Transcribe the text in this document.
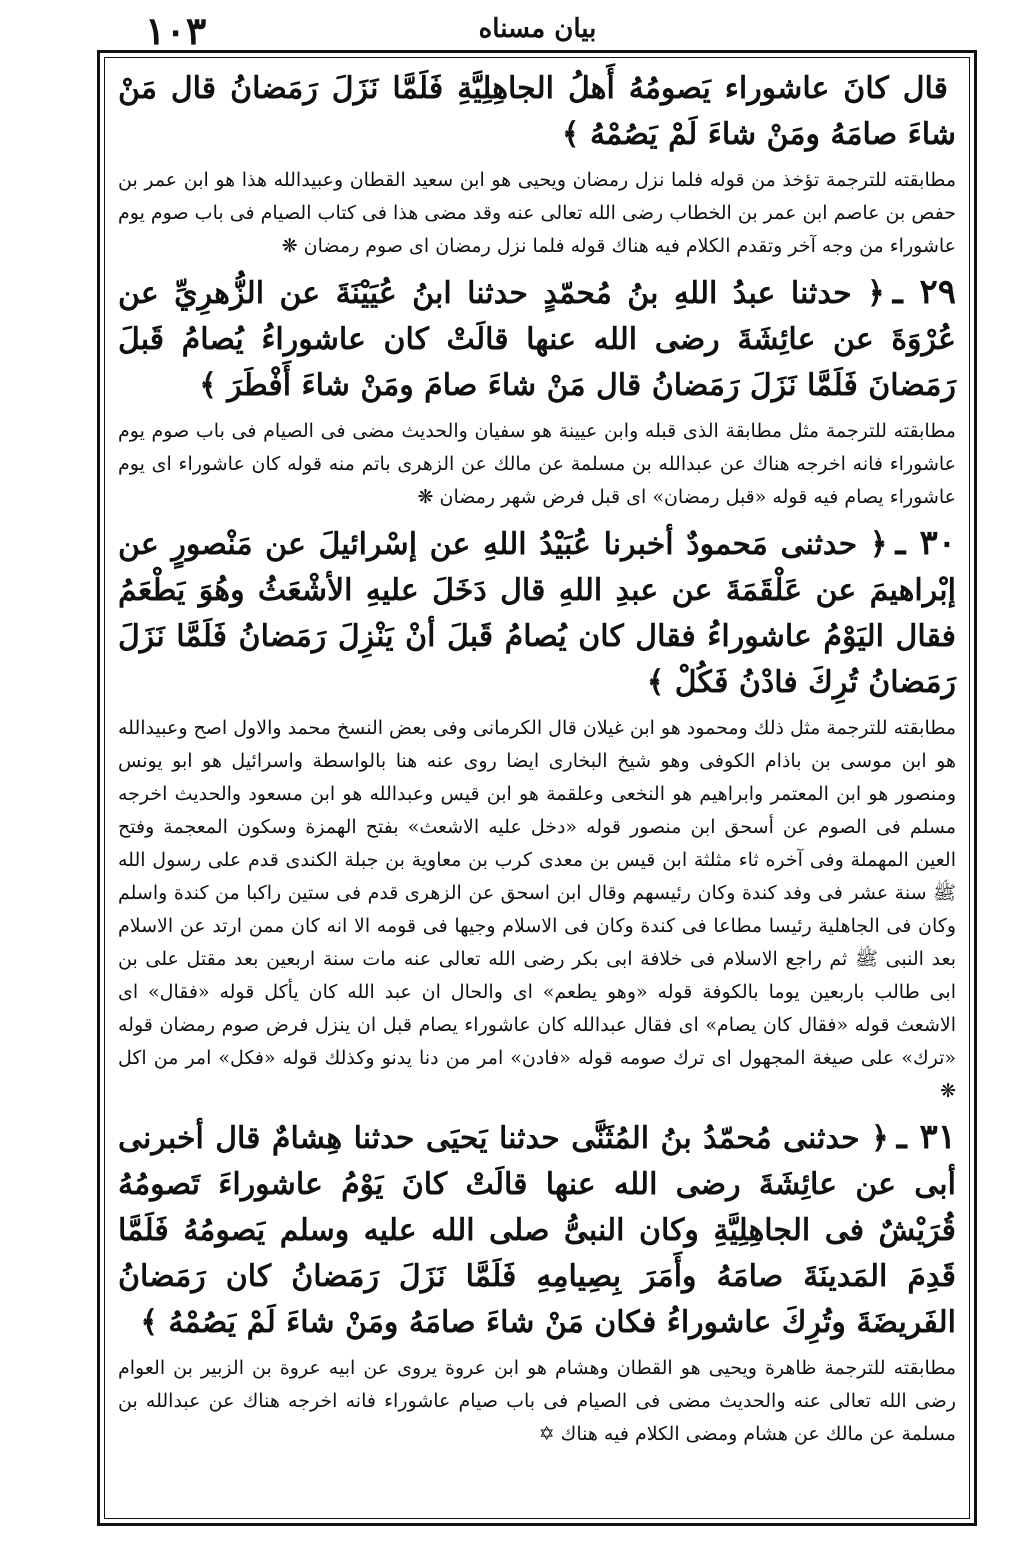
١٠٣	بیان مسناه

قال كانَ عاشوراء يَصومُهُ أَهلُ الجاهِلِيَّةِ فَلَمَّا نَزَلَ رَمَضانُ قال مَنْ شاءَ صامَهُ ومَنْ شاءَ لَمْ يَصُمْهُ ﴾

مطابقته للترجمة تؤخذ من قوله فلما نزل رمضان ويحيى هو ابن سعيد القطان وعبيدالله هذا هو ابن عمر بن حفص بن عاصم ابن عمر بن الخطاب رضى الله تعالى عنه وقد مضى هذا فى كتاب الصيام فى باب صوم يوم عاشوراء من وجه آخر وتقدم الكلام فيه هناك قوله فلما نزل رمضان اى صوم رمضان ❋

٢٩ ـ﴿ حدثنا عبدُ اللهِ بنُ مُحمّدٍ حدثنا ابنُ عُيَيْنَةَ عن الزُّهرِيِّ عن عُرْوَةَ عن عائِشَةَ رضى الله عنها قالَتْ كان عاشوراءُ يُصامُ قَبلَ رَمَضانَ فَلَمَّا نَزَلَ رَمَضانُ قال مَنْ شاءَ صامَ ومَنْ شاءَ أَفْطَرَ ﴾

مطابقته للترجمة مثل مطابقة الذى قبله وابن عيينة هو سفيان والحديث مضى فى الصيام فى باب صوم يوم عاشوراء فانه اخرجه هناك عن عبدالله بن مسلمة عن مالك عن الزهرى باتم منه قوله كان عاشوراء اى يوم عاشوراء يصام فيه قوله «قبل رمضان» اى قبل فرض شهر رمضان ❋

٣٠ ـ﴿ حدثنى مَحمودٌ أخبرنا عُبَيْدُ اللهِ عن إسْرائيلَ عن مَنْصورٍ عن إبْراهيمَ عن عَلْقَمَةَ عن عبدِ اللهِ قال دَخَلَ عليهِ الأشْعَثُ وهُوَ يَطْعَمُ فقال اليَوْمُ عاشوراءُ فقال كان يُصامُ قَبلَ أنْ يَنْزِلَ رَمَضانُ فَلَمَّا نَزَلَ رَمَضانُ تُرِكَ فادْنُ فَكُلْ ﴾

مطابقته للترجمة مثل ذلك ومحمود هو ابن غيلان قال الكرمانى وفى بعض النسخ محمد والاول اصح وعبيدالله هو ابن موسى بن باذام الكوفى وهو شيخ البخارى ايضا روى عنه هنا بالواسطة واسرائيل هو ابو يونس ومنصور هو ابن المعتمر وابراهيم هو النخعى وعلقمة هو ابن قيس وعبدالله هو ابن مسعود والحديث اخرجه مسلم فى الصوم عن أسحق ابن منصور قوله «دخل عليه الاشعث» بفتح الهمزة وسكون المعجمة وفتح العين المهملة وفى آخره ثاء مثلثة ابن قيس بن معدى كرب بن معاوية بن جبلة الكندى قدم على رسول الله ﷺ سنة عشر فى وفد كندة وكان رئيسهم وقال ابن اسحق عن الزهرى قدم فى ستين راكبا من كندة واسلم وكان فى الجاهلية رئيسا مطاعا فى كندة وكان فى الاسلام وجيها فى قومه الا انه كان ممن ارتد عن الاسلام بعد النبى ﷺ ثم راجع الاسلام فى خلافة ابى بكر رضى الله تعالى عنه مات سنة اربعين بعد مقتل على بن ابى طالب باربعين يوما بالكوفة قوله «وهو يطعم» اى والحال ان عبد الله كان يأكل قوله «فقال» اى الاشعث قوله «فقال كان يصام» اى فقال عبدالله كان عاشوراء يصام قبل ان ينزل فرض صوم رمضان قوله «ترك» على صيغة المجهول اى ترك صومه قوله «فادن» امر من دنا يدنو وكذلك قوله «فكل» امر من اكل ❋

٣١ ـ﴿ حدثنى مُحمّدُ بنُ المُثَنَّى حدثنا يَحيَى حدثنا هِشامٌ قال أخبرنى أبى عن عائِشَةَ رضى الله عنها قالَتْ كانَ يَوْمُ عاشوراءَ تَصومُهُ قُرَيْشٌ فى الجاهِلِيَّةِ وكان النبىُّ صلى الله عليه وسلم يَصومُهُ فَلَمَّا قَدِمَ المَدينَةَ صامَهُ وأَمَرَ بِصِيامِهِ فَلَمَّا نَزَلَ رَمَضانُ كان رَمَضانُ الفَريضَةَ وتُرِكَ عاشوراءُ فكان مَنْ شاءَ صامَهُ ومَنْ شاءَ لَمْ يَصُمْهُ ﴾

مطابقته للترجمة ظاهرة ويحيى هو القطان وهشام هو ابن عروة يروى عن ابيه عروة بن الزبير بن العوام رضى الله تعالى عنه والحديث مضى فى الصيام فى باب صيام عاشوراء فانه اخرجه هناك عن عبدالله بن مسلمة عن مالك عن هشام ومضى الكلام فيه هناك ✡
